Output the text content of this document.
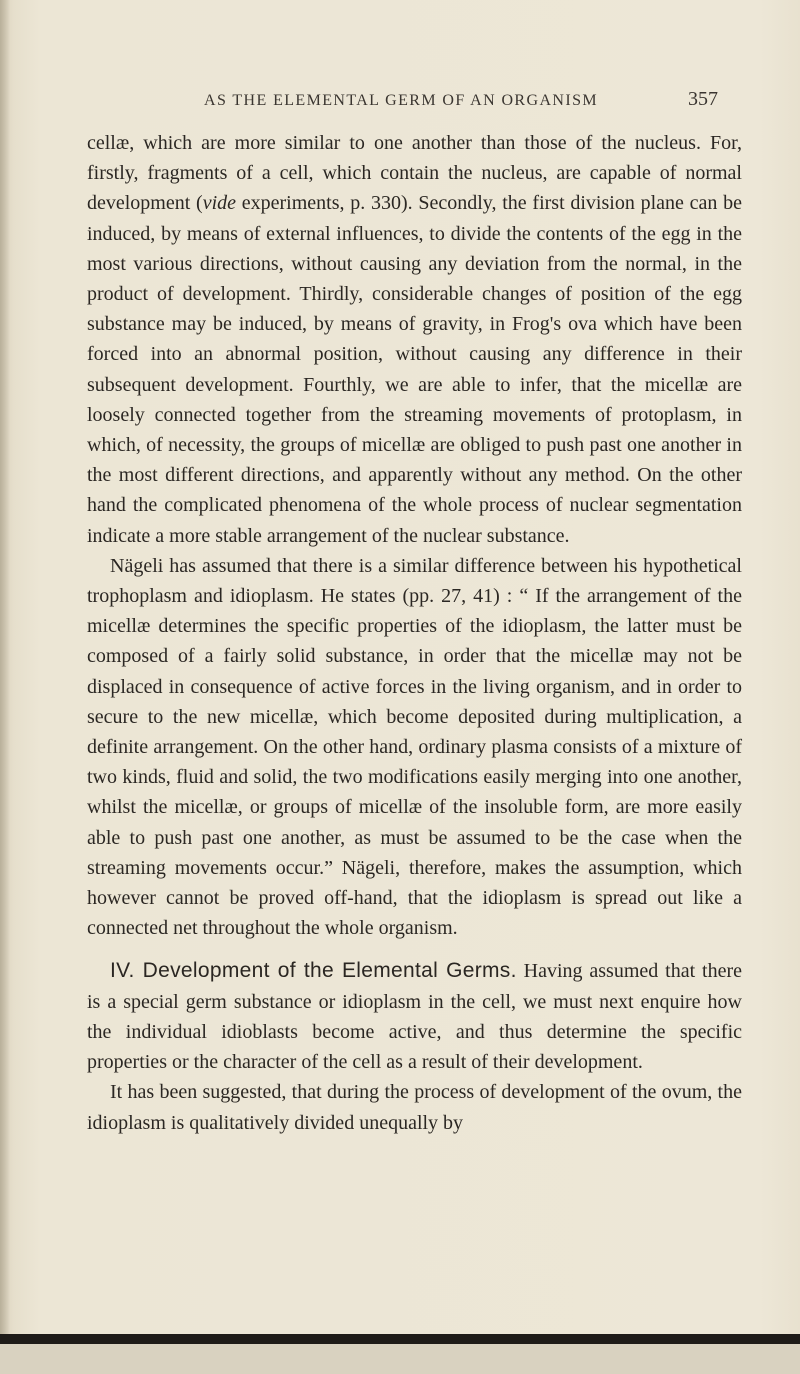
AS THE ELEMENTAL GERM OF AN ORGANISM	357

cellæ, which are more similar to one another than those of the nucleus. For, firstly, fragments of a cell, which contain the nucleus, are capable of normal development (vide experiments, p. 330). Secondly, the first division plane can be induced, by means of external influences, to divide the contents of the egg in the most various directions, without causing any deviation from the normal, in the product of development. Thirdly, considerable changes of position of the egg substance may be induced, by means of gravity, in Frog's ova which have been forced into an abnormal position, without causing any difference in their subsequent development. Fourthly, we are able to infer, that the micellæ are loosely connected together from the streaming movements of protoplasm, in which, of necessity, the groups of micellæ are obliged to push past one another in the most different directions, and apparently without any method. On the other hand the complicated phenomena of the whole process of nuclear segmentation indicate a more stable arrangement of the nuclear substance.

Nägeli has assumed that there is a similar difference between his hypothetical trophoplasm and idioplasm. He states (pp. 27, 41) : “ If the arrangement of the micellæ determines the specific properties of the idioplasm, the latter must be composed of a fairly solid substance, in order that the micellæ may not be displaced in consequence of active forces in the living organism, and in order to secure to the new micellæ, which become deposited during multiplication, a definite arrangement. On the other hand, ordinary plasma consists of a mixture of two kinds, fluid and solid, the two modifications easily merging into one another, whilst the micellæ, or groups of micellæ of the insoluble form, are more easily able to push past one another, as must be assumed to be the case when the streaming movements occur.” Nägeli, therefore, makes the assumption, which however cannot be proved off-hand, that the idioplasm is spread out like a connected net throughout the whole organism.

IV. Development of the Elemental Germs. Having assumed that there is a special germ substance or idioplasm in the cell, we must next enquire how the individual idioblasts become active, and thus determine the specific properties or the character of the cell as a result of their development.

It has been suggested, that during the process of development of the ovum, the idioplasm is qualitatively divided unequally by
